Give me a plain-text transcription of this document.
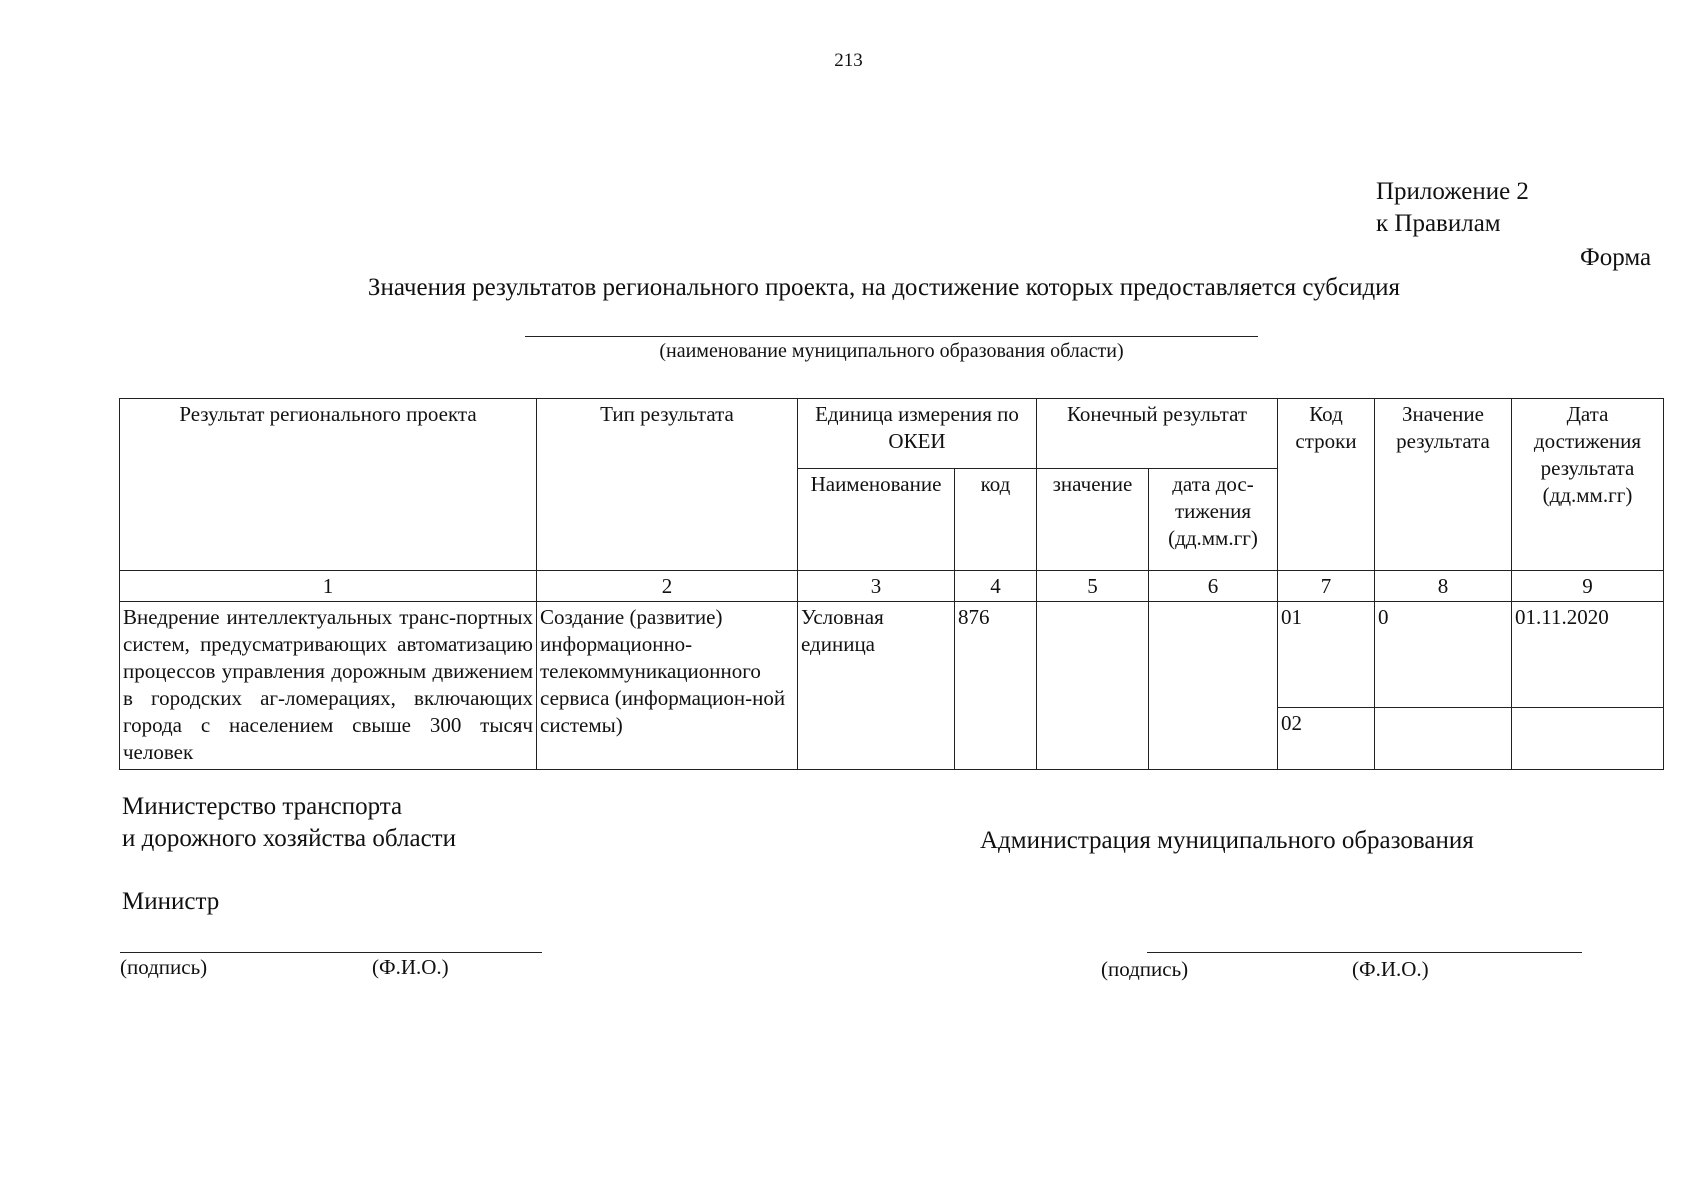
213
Приложение 2
к Правилам
Форма
Значения результатов регионального проекта, на достижение которых предоставляется субсидия
(наименование муниципального образования области)
Результат регионального проекта	Тип результата	Единица измерения по ОКЕИ		Конечный результат		Код строки	Значение результата	Дата достижения результата (дд.мм.гг)
		Наименование	код	значение	дата дос-тижения (дд.мм.гг)			
1	2	3	4	5	6	7	8	9
Внедрение интеллектуальных транс-портных систем, предусматривающих автоматизацию процессов управления дорожным движением в городских аг-ломерациях, включающих города с населением свыше 300 тысяч человек	Создание (развитие) информационно-телекоммуникационного сервиса (информацион-ной системы)	Условная единица	876			01	0	01.11.2020
						02		
Министерство транспорта
и дорожного хозяйства области
Министр
Администрация муниципального образования
(подпись)	(Ф.И.О.)	(подпись)	(Ф.И.О.)
